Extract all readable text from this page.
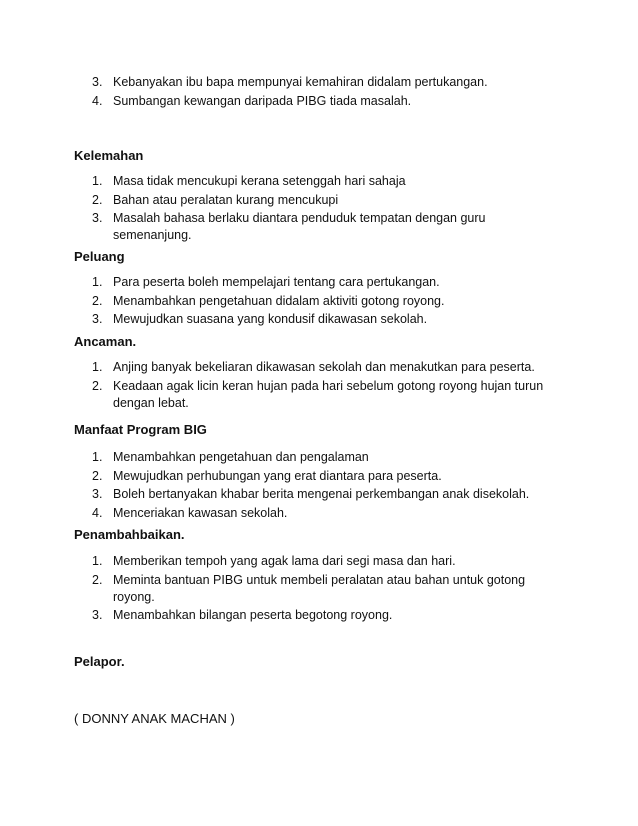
3. Kebanyakan ibu bapa mempunyai kemahiran didalam pertukangan.
4. Sumbangan kewangan daripada PIBG tiada masalah.
Kelemahan
1. Masa tidak mencukupi kerana setenggah hari sahaja
2. Bahan atau peralatan kurang mencukupi
3. Masalah bahasa berlaku diantara penduduk tempatan dengan guru semenanjung.
Peluang
1. Para peserta boleh mempelajari tentang cara pertukangan.
2. Menambahkan pengetahuan didalam aktiviti gotong royong.
3. Mewujudkan suasana yang kondusif dikawasan sekolah.
Ancaman.
1. Anjing banyak bekeliaran dikawasan sekolah dan menakutkan para peserta.
2. Keadaan agak licin keran hujan pada hari sebelum gotong royong hujan turun dengan lebat.
Manfaat Program BIG
1. Menambahkan pengetahuan dan pengalaman
2. Mewujudkan perhubungan yang erat diantara para peserta.
3. Boleh bertanyakan khabar berita mengenai perkembangan anak disekolah.
4. Menceriakan kawasan sekolah.
Penambahbaikan.
1. Memberikan tempoh yang agak lama dari segi masa dan hari.
2. Meminta bantuan PIBG untuk membeli peralatan atau bahan untuk gotong royong.
3. Menambahkan bilangan peserta begotong royong.
Pelapor.
( DONNY ANAK MACHAN )
